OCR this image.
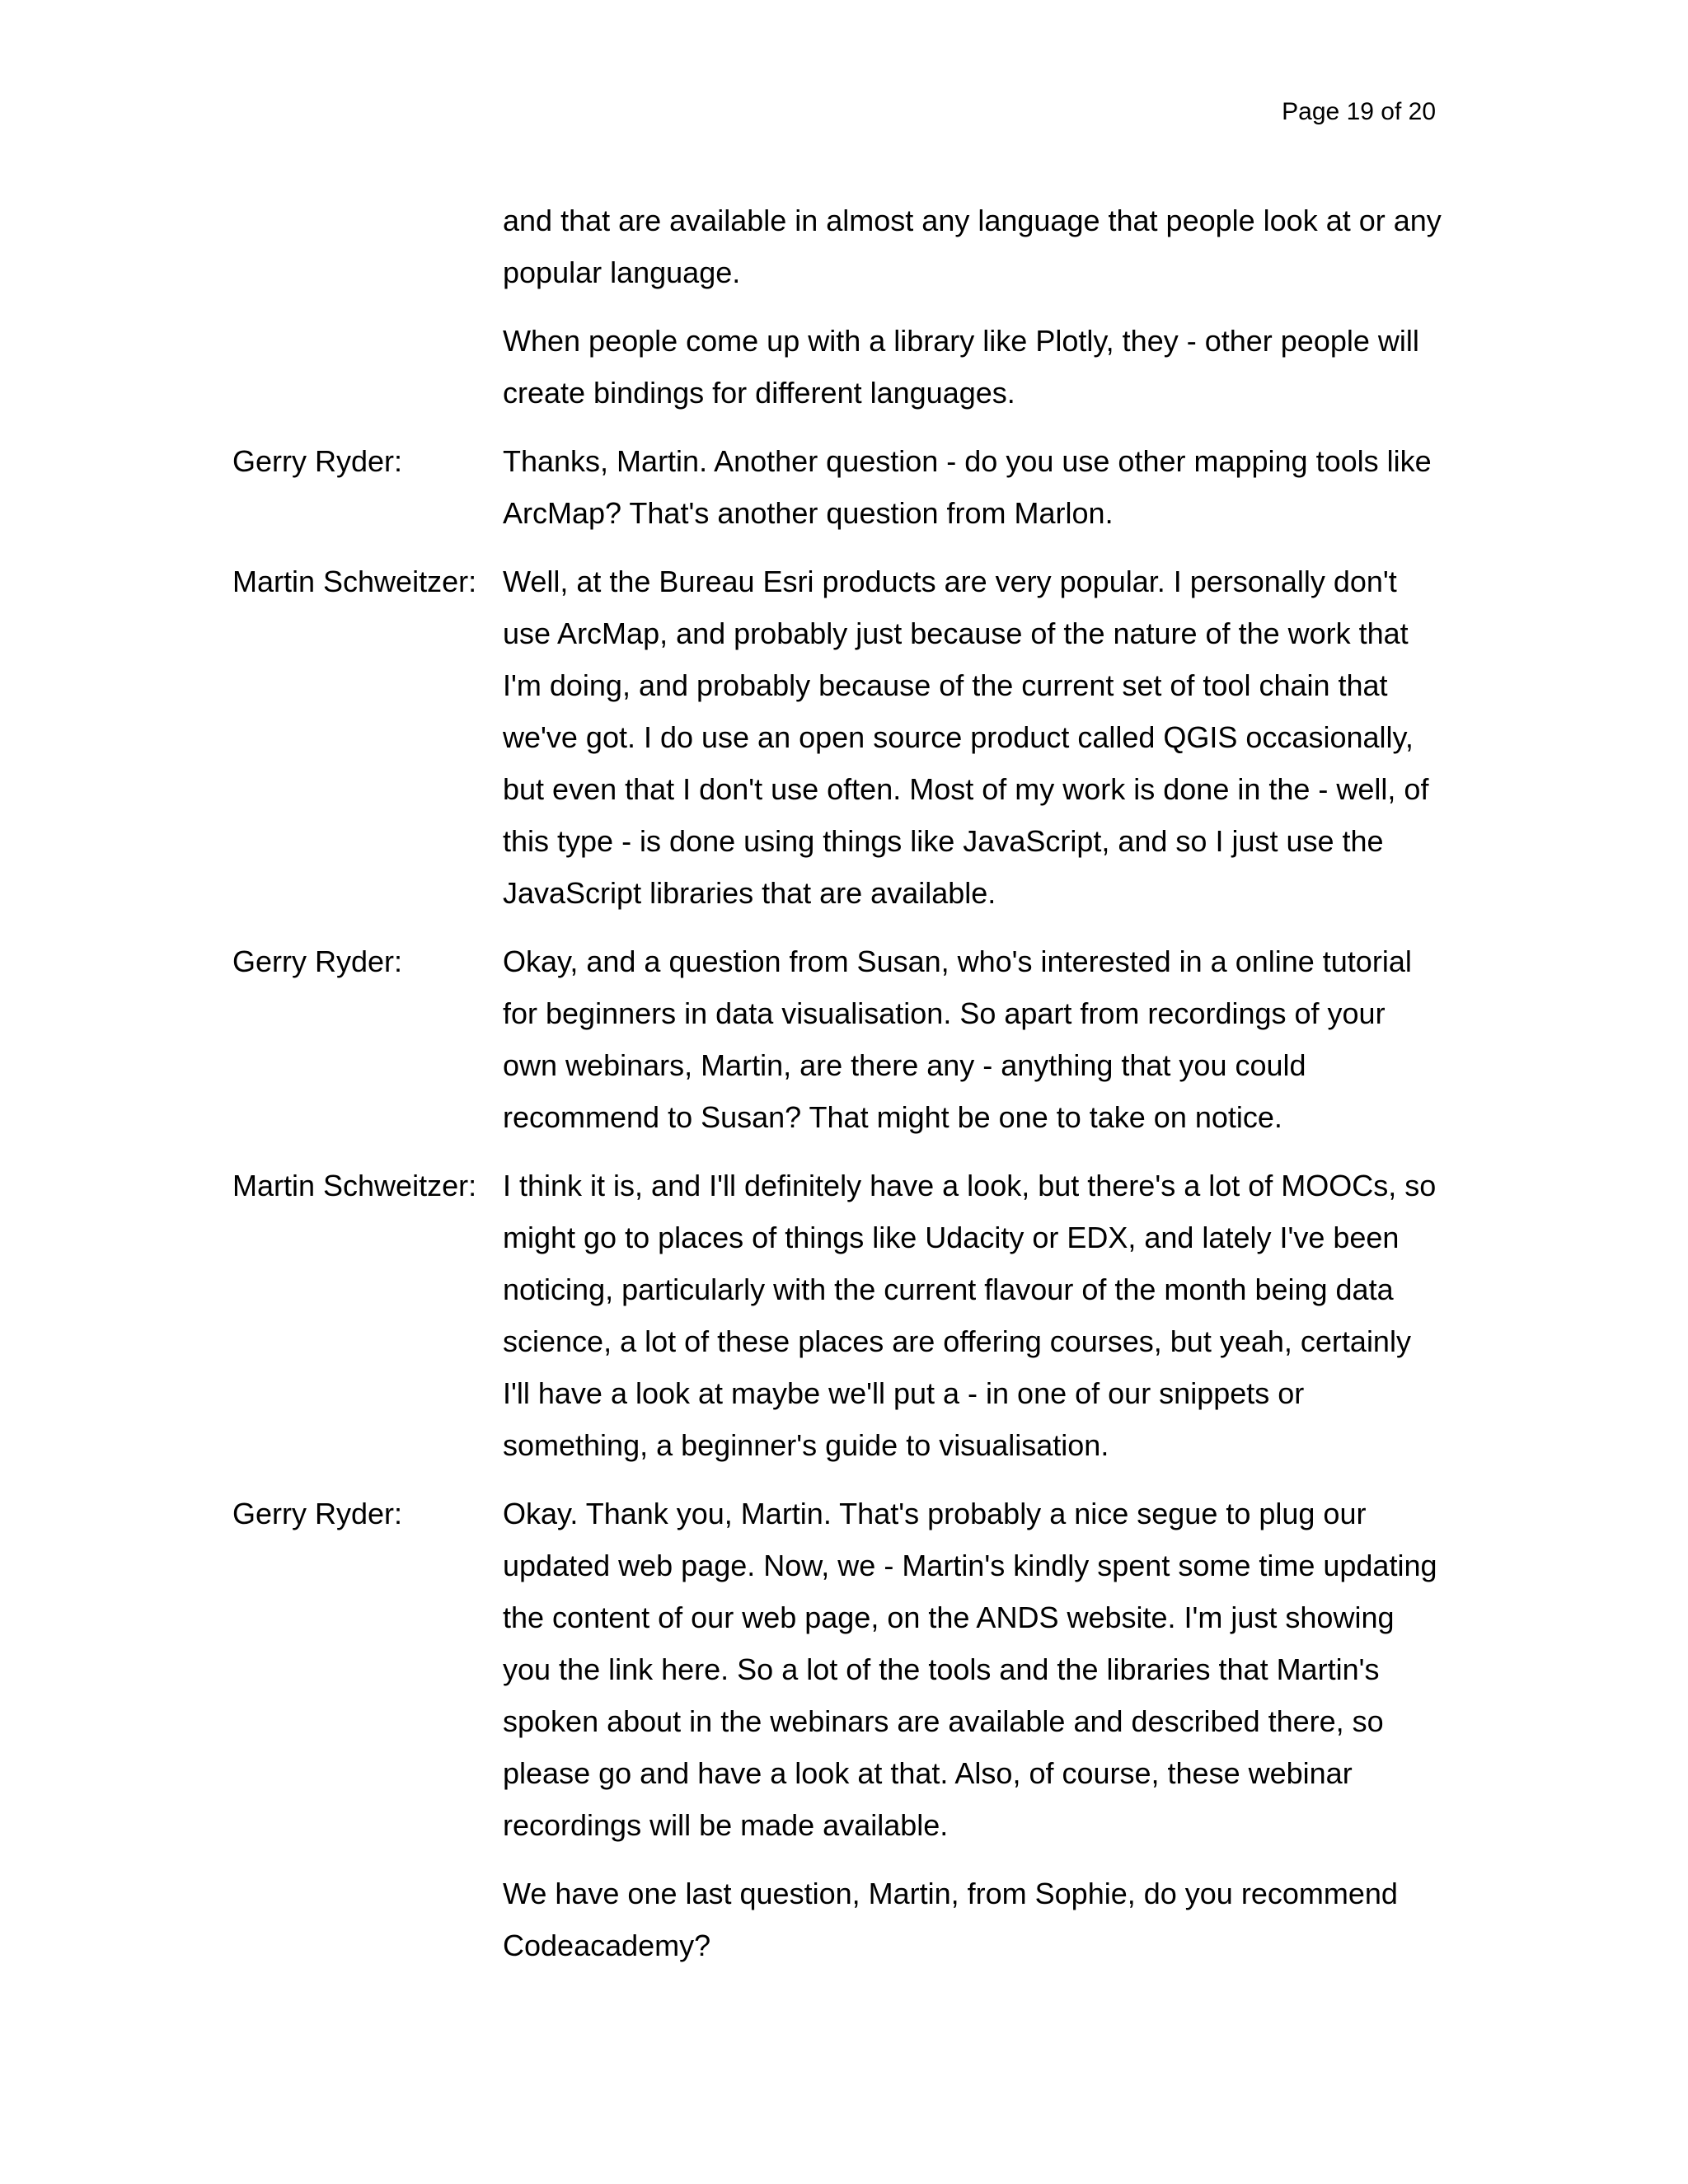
Page 19 of 20

and that are available in almost any language that people look at or any popular language.

When people come up with a library like Plotly, they - other people will create bindings for different languages.

Gerry Ryder:	Thanks, Martin. Another question - do you use other mapping tools like ArcMap? That's another question from Marlon.

Martin Schweitzer: Well, at the Bureau Esri products are very popular. I personally don't use ArcMap, and probably just because of the nature of the work that I'm doing, and probably because of the current set of tool chain that we've got. I do use an open source product called QGIS occasionally, but even that I don't use often. Most of my work is done in the - well, of this type - is done using things like JavaScript, and so I just use the JavaScript libraries that are available.

Gerry Ryder:	Okay, and a question from Susan, who's interested in a online tutorial for beginners in data visualisation. So apart from recordings of your own webinars, Martin, are there any - anything that you could recommend to Susan? That might be one to take on notice.

Martin Schweitzer: I think it is, and I'll definitely have a look, but there's a lot of MOOCs, so might go to places of things like Udacity or EDX, and lately I've been noticing, particularly with the current flavour of the month being data science, a lot of these places are offering courses, but yeah, certainly I'll have a look at maybe we'll put a - in one of our snippets or something, a beginner's guide to visualisation.

Gerry Ryder:	Okay. Thank you, Martin. That's probably a nice segue to plug our updated web page. Now, we - Martin's kindly spent some time updating the content of our web page, on the ANDS website. I'm just showing you the link here. So a lot of the tools and the libraries that Martin's spoken about in the webinars are available and described there, so please go and have a look at that. Also, of course, these webinar recordings will be made available.

We have one last question, Martin, from Sophie, do you recommend Codeacademy?
